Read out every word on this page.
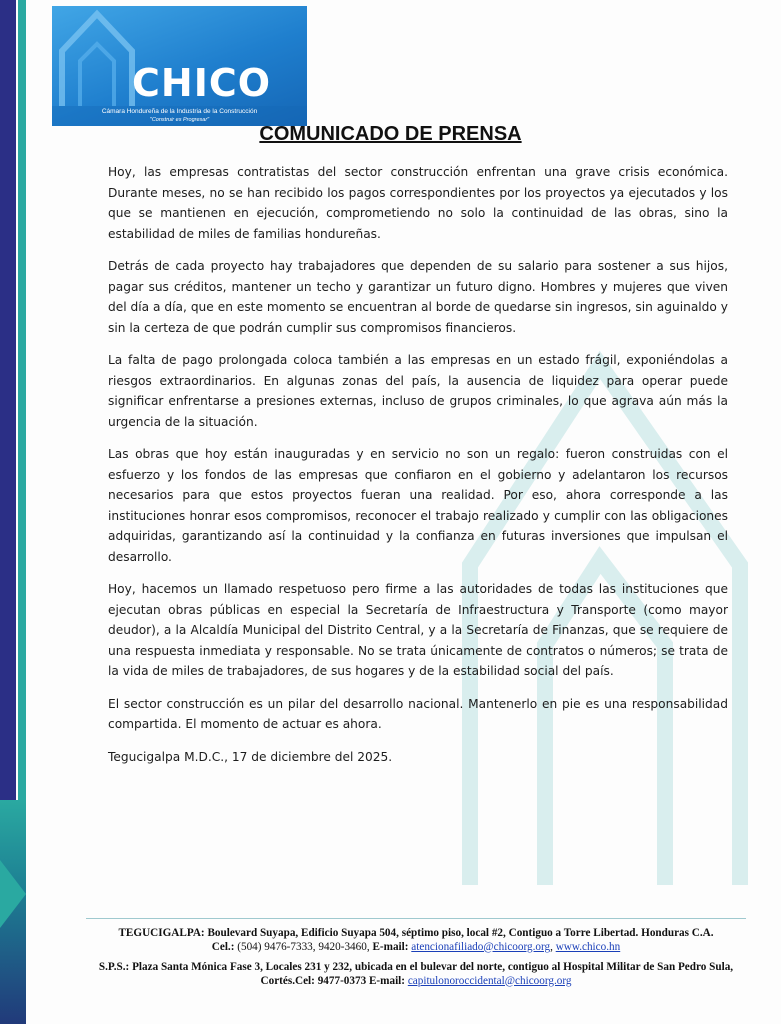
CHICO
Cámara Hondureña de la Industria de la Construcción
"Construir es Progresar"
COMUNICADO DE PRENSA

Hoy, las empresas contratistas del sector construcción enfrentan una grave crisis económica. Durante meses, no se han recibido los pagos correspondientes por los proyectos ya ejecutados y los que se mantienen en ejecución, comprometiendo no solo la continuidad de las obras, sino la estabilidad de miles de familias hondureñas.

Detrás de cada proyecto hay trabajadores que dependen de su salario para sostener a sus hijos, pagar sus créditos, mantener un techo y garantizar un futuro digno. Hombres y mujeres que viven del día a día, que en este momento se encuentran al borde de quedarse sin ingresos, sin aguinaldo y sin la certeza de que podrán cumplir sus compromisos financieros.

La falta de pago prolongada coloca también a las empresas en un estado frágil, exponiéndolas a riesgos extraordinarios. En algunas zonas del país, la ausencia de liquidez para operar puede significar enfrentarse a presiones externas, incluso de grupos criminales, lo que agrava aún más la urgencia de la situación.

Las obras que hoy están inauguradas y en servicio no son un regalo: fueron construidas con el esfuerzo y los fondos de las empresas que confiaron en el gobierno y adelantaron los recursos necesarios para que estos proyectos fueran una realidad. Por eso, ahora corresponde a las instituciones honrar esos compromisos, reconocer el trabajo realizado y cumplir con las obligaciones adquiridas, garantizando así la continuidad y la confianza en futuras inversiones que impulsan el desarrollo.

Hoy, hacemos un llamado respetuoso pero firme a las autoridades de todas las instituciones que ejecutan obras públicas en especial la Secretaría de Infraestructura y Transporte (como mayor deudor), a la Alcaldía Municipal del Distrito Central, y a la Secretaría de Finanzas, que se requiere de una respuesta inmediata y responsable. No se trata únicamente de contratos o números; se trata de la vida de miles de trabajadores, de sus hogares y de la estabilidad social del país.

El sector construcción es un pilar del desarrollo nacional. Mantenerlo en pie es una responsabilidad compartida. El momento de actuar es ahora.

Tegucigalpa M.D.C., 17 de diciembre del 2025.

TEGUCIGALPA: Boulevard Suyapa, Edificio Suyapa 504, séptimo piso, local #2, Contiguo a Torre Libertad. Honduras C.A.
Cel.: (504) 9476-7333, 9420-3460, E-mail: atencionafiliado@chicoorg.org, www.chico.hn
S.P.S.: Plaza Santa Mónica Fase 3, Locales 231 y 232, ubicada en el bulevar del norte, contiguo al Hospital Militar de San Pedro Sula, Cortés.Cel: 9477-0373 E-mail: capitulonoroccidental@chicoorg.org
